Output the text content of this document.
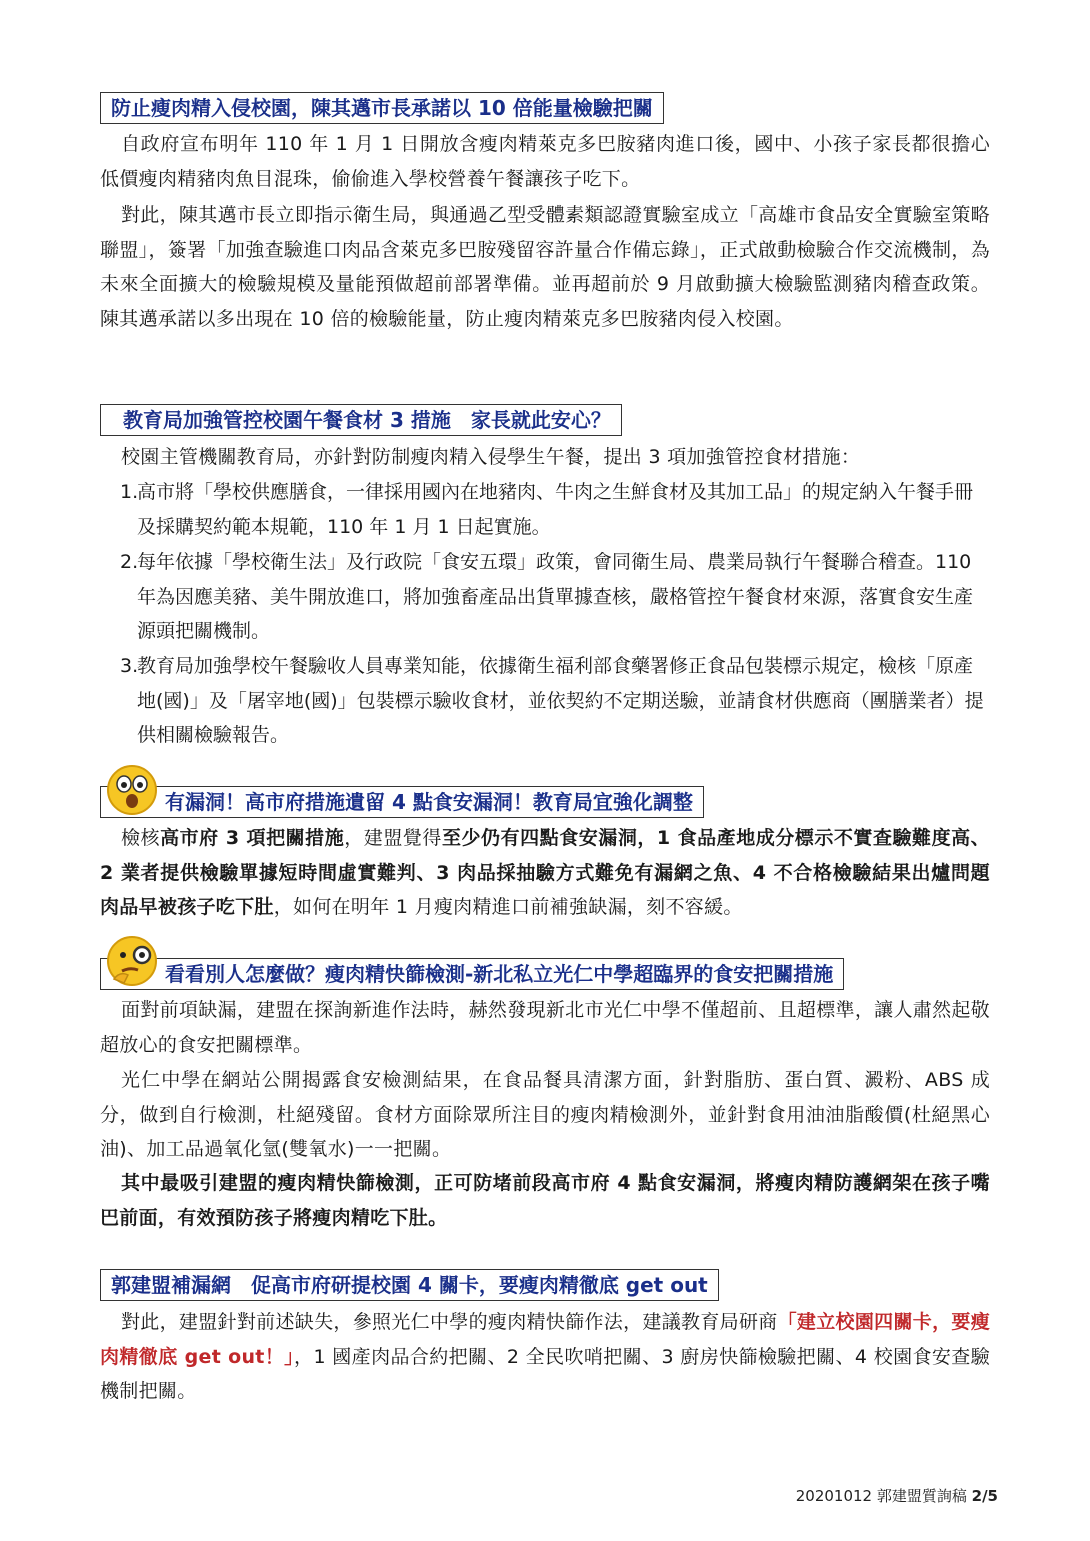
防止瘦肉精入侵校園，陳其邁市長承諾以 10 倍能量檢驗把關

自政府宣布明年 110 年 1 月 1 日開放含瘦肉精萊克多巴胺豬肉進口後，國中、小孩子家長都很擔心低價瘦肉精豬肉魚目混珠，偷偷進入學校營養午餐讓孩子吃下。

對此，陳其邁市長立即指示衛生局，與通過乙型受體素類認證實驗室成立「高雄市食品安全實驗室策略聯盟」，簽署「加強查驗進口肉品含萊克多巴胺殘留容許量合作備忘錄」，正式啟動檢驗合作交流機制，為未來全面擴大的檢驗規模及量能預做超前部署準備。並再超前於 9 月啟動擴大檢驗監測豬肉稽查政策。陳其邁承諾以多出現在 10 倍的檢驗能量，防止瘦肉精萊克多巴胺豬肉侵入校園。

教育局加強管控校園午餐食材 3 措施　家長就此安心？

校園主管機關教育局，亦針對防制瘦肉精入侵學生午餐，提出 3 項加強管控食材措施：

1.
高市將「學校供應膳食，一律採用國內在地豬肉、牛肉之生鮮食材及其加工品」的規定納入午餐手冊及採購契約範本規範，110 年 1 月 1 日起實施。
2.
每年依據「學校衛生法」及行政院「食安五環」政策，會同衛生局、農業局執行午餐聯合稽查。110 年為因應美豬、美牛開放進口，將加強畜產品出貨單據查核，嚴格管控午餐食材來源，落實食安生產源頭把關機制。
3.
教育局加強學校午餐驗收人員專業知能，依據衛生福利部食藥署修正食品包裝標示規定，檢核「原產地(國)」及「屠宰地(國)」包裝標示驗收食材，並依契約不定期送驗，並請食材供應商（團膳業者）提供相關檢驗報告。
有漏洞！高市府措施遺留 4 點食安漏洞！教育局宜強化調整

檢核高市府 3 項把關措施，建盟覺得至少仍有四點食安漏洞，1 食品產地成分標示不實查驗難度高、2 業者提供檢驗單據短時間虛實難判、3 肉品採抽驗方式難免有漏網之魚、4 不合格檢驗結果出爐問題肉品早被孩子吃下肚，如何在明年 1 月瘦肉精進口前補強缺漏，刻不容緩。

看看別人怎麼做？瘦肉精快篩檢測-新北私立光仁中學超臨界的食安把關措施

面對前項缺漏，建盟在探詢新進作法時，赫然發現新北市光仁中學不僅超前、且超標準，讓人肅然起敬超放心的食安把關標準。

光仁中學在網站公開揭露食安檢測結果，在食品餐具清潔方面，針對脂肪、蛋白質、澱粉、ABS 成分，做到自行檢測，杜絕殘留。食材方面除眾所注目的瘦肉精檢測外，並針對食用油油脂酸價(杜絕黑心油)、加工品過氧化氫(雙氧水)一一把關。

其中最吸引建盟的瘦肉精快篩檢測，正可防堵前段高市府 4 點食安漏洞，將瘦肉精防護網架在孩子嘴巴前面，有效預防孩子將瘦肉精吃下肚。

郭建盟補漏網　促高市府研提校園 4 關卡，要瘦肉精徹底 get out

對此，建盟針對前述缺失，參照光仁中學的瘦肉精快篩作法，建議教育局研商「建立校園四關卡，要瘦肉精徹底 get out！」，1 國產肉品合約把關、2 全民吹哨把關、3 廚房快篩檢驗把關、4 校園食安查驗機制把關。

20201012 郭建盟質詢稿 2/5
